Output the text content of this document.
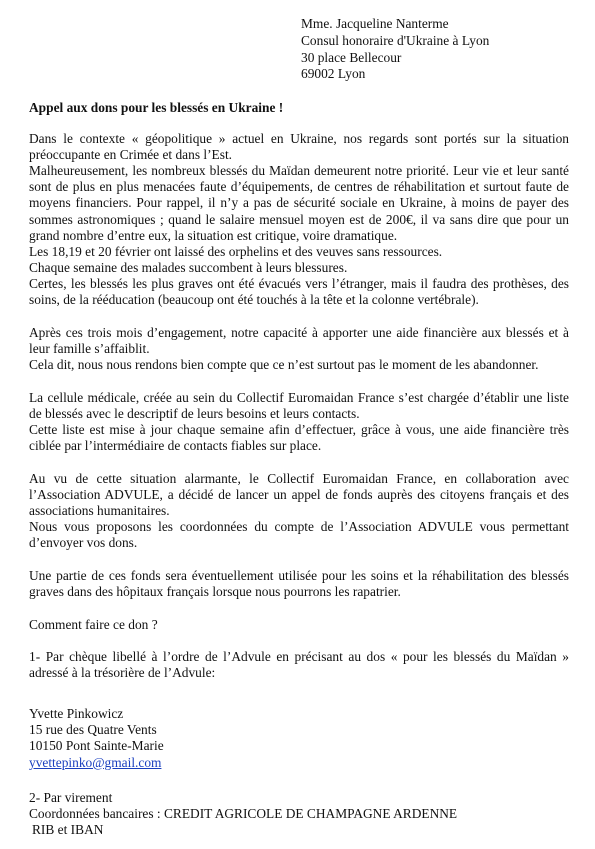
Mme. Jacqueline Nanterme
Consul honoraire d'Ukraine à Lyon
30 place Bellecour
69002 Lyon
Appel aux dons pour les blessés en Ukraine !

Dans le contexte « géopolitique » actuel en Ukraine, nos regards sont portés sur la situation préoccupante en Crimée et dans l’Est.

Malheureusement, les nombreux blessés du Maïdan demeurent notre priorité. Leur vie et leur santé sont de plus en plus menacées faute d’équipements, de centres de réhabilitation et surtout faute de moyens financiers. Pour rappel, il n’y a pas de sécurité sociale en Ukraine, à moins de payer des sommes astronomiques ; quand le salaire mensuel moyen est de 200€, il va sans dire que pour un grand nombre d’entre eux, la situation est critique, voire dramatique.

Les 18,19 et 20 février ont laissé des orphelins et des veuves sans ressources.

Chaque semaine des malades succombent à leurs blessures.

Certes, les blessés les plus graves ont été évacués vers l’étranger, mais il faudra des prothèses, des soins, de la rééducation (beaucoup ont été touchés à la tête et la colonne vertébrale).

Après ces trois mois d’engagement, notre capacité à apporter une aide financière aux blessés et à leur famille s’affaiblit.

Cela dit, nous nous rendons bien compte que ce n’est surtout pas le moment de les abandonner.

La cellule médicale, créée au sein du Collectif Euromaidan France s’est chargée d’établir une liste de blessés avec le descriptif de leurs besoins et leurs contacts.

Cette liste est mise à jour chaque semaine afin d’effectuer, grâce à vous, une aide financière très ciblée par l’intermédiaire de contacts fiables sur place.

Au vu de cette situation alarmante, le Collectif Euromaidan France, en collaboration avec l’Association ADVULE, a décidé de lancer un appel de fonds auprès des citoyens français et des associations humanitaires.

Nous vous proposons les coordonnées du compte de l’Association ADVULE vous permettant d’envoyer vos dons.

Une partie de ces fonds sera éventuellement utilisée pour les soins et la réhabilitation des blessés graves dans des hôpitaux français lorsque nous pourrons les rapatrier.

Comment faire ce don ?

1- Par chèque libellé à l’ordre de l’Advule en précisant au dos « pour les blessés du Maïdan » adressé à la trésorière de l’Advule:

Yvette Pinkowicz
15 rue des Quatre Vents
10150 Pont Sainte-Marie
yvettepinko@gmail.com
2- Par virement
Coordonnées bancaires : CREDIT AGRICOLE DE CHAMPAGNE ARDENNE
RIB et IBAN
